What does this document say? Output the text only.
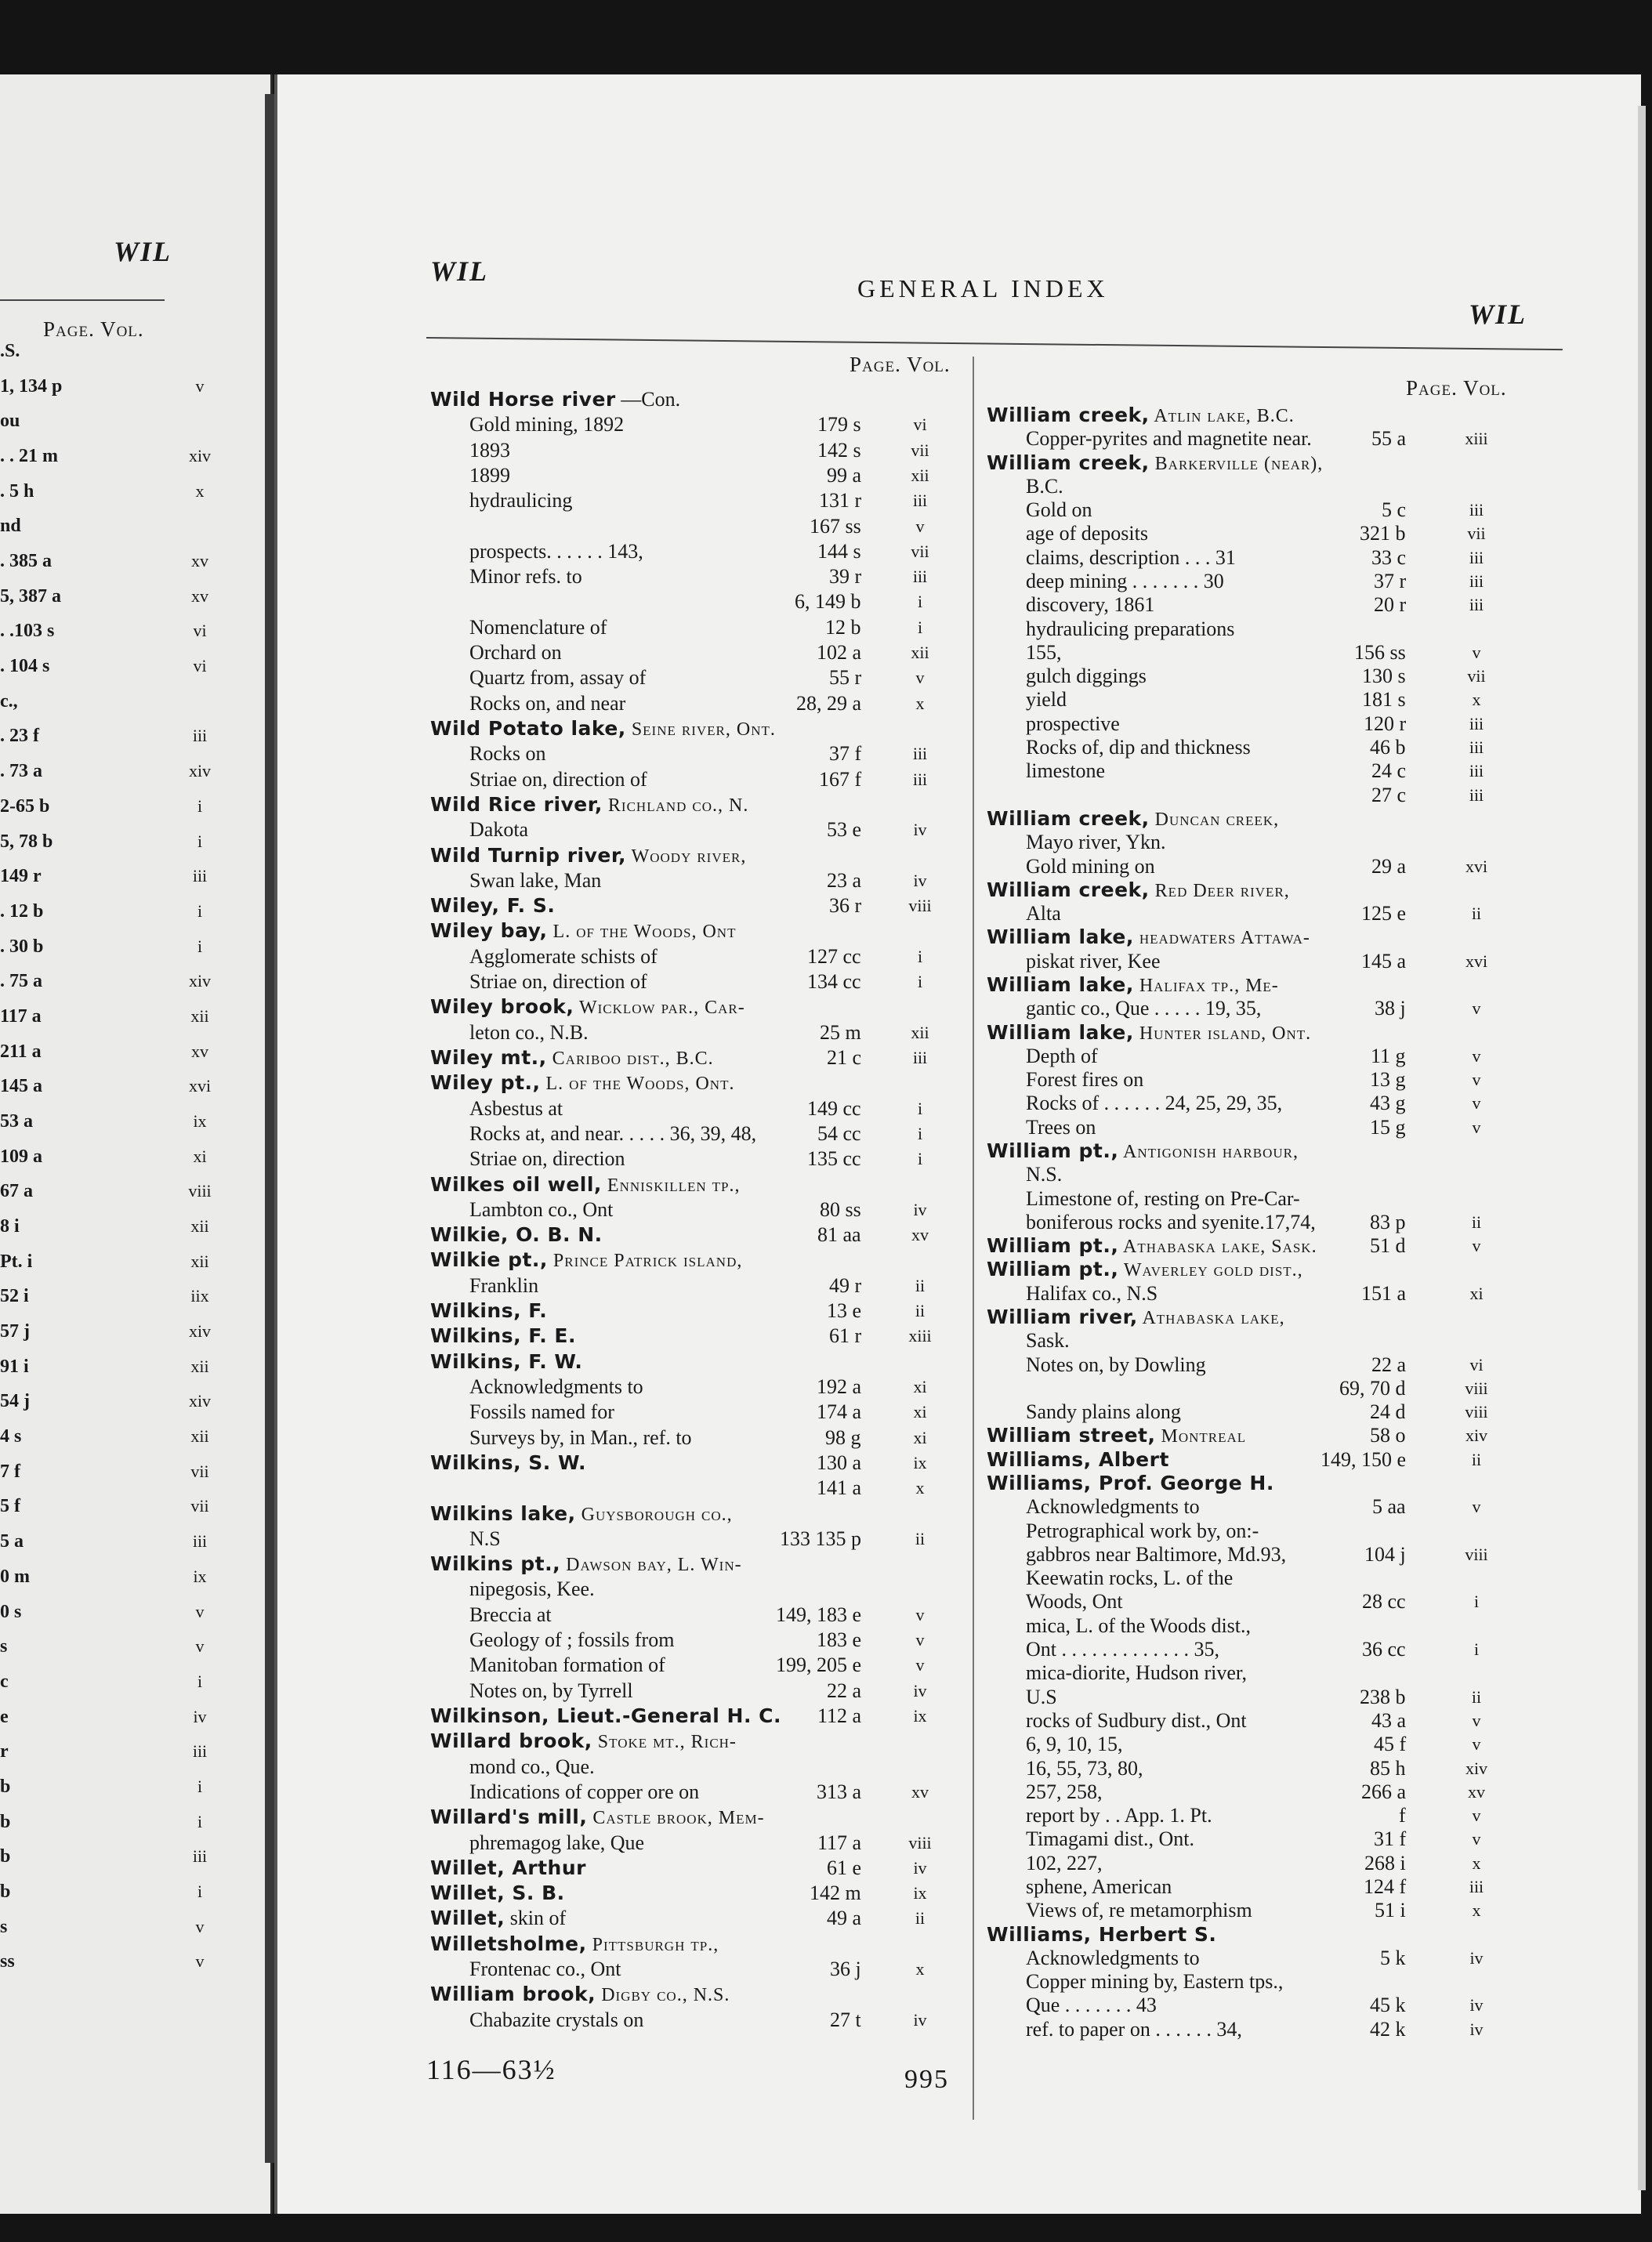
WIL
Page. Vol.
.S.
1, 134 p	v
ou
. . 21 m	xiv
. 5 h	x
nd
. 385 a	xv
5, 387 a	xv
. .103 s	vi
. 104 s	vi
c.,
. 23 f	iii
. 73 a	xiv
2-65 b	i
5, 78 b	i
149 r	iii
. 12 b	i
. 30 b	i
. 75 a	xiv
117 a	xii
211 a	xv
145 a	xvi
53 a	ix
109 a	xi
67 a	viii
8 i	xii
Pt. i	xii
52 i	iix
57 j	xiv
91 i	xii
54 j	xiv
4 s	xii
7 f	vii
5 f	vii
5 a	iii
0 m	ix
0 s	v
s	v
c	i
e	iv
r	iii
b	i
b	i
b	iii
b	i
s	v
ss	v
WIL
GENERAL INDEX
WIL
Page. Vol.
Page. Vol.
Wild Horse river —Con.
Gold mining, 1892	179 s	vi
1893	142 s	vii
1899	99 a	xii
hydraulicing	131 r	iii
167 ss	v
prospects. . . . . . 143,	144 s	vii
Minor refs. to	39 r	iii
6, 149 b	i
Nomenclature of	12 b	i
Orchard on	102 a	xii
Quartz from, assay of	55 r	v
Rocks on, and near	28, 29 a	x
Wild Potato lake, Seine river, Ont.
Rocks on	37 f	iii
Striae on, direction of	167 f	iii
Wild Rice river, Richland co., N.
Dakota	53 e	iv
Wild Turnip river, Woody river,
Swan lake, Man	23 a	iv
Wiley, F. S.	36 r	viii
Wiley bay, L. of the Woods, Ont
Agglomerate schists of	127 cc	i
Striae on, direction of	134 cc	i
Wiley brook, Wicklow par., Car-
leton co., N.B.	25 m	xii
Wiley mt., Cariboo dist., B.C.	21 c	iii
Wiley pt., L. of the Woods, Ont.
Asbestus at	149 cc	i
Rocks at, and near. . . . . 36, 39, 48,	54 cc	i
Striae on, direction	135 cc	i
Wilkes oil well, Enniskillen tp.,
Lambton co., Ont	80 ss	iv
Wilkie, O. B. N.	81 aa	xv
Wilkie pt., Prince Patrick island,
Franklin	49 r	ii
Wilkins, F.	13 e	ii
Wilkins, F. E.	61 r	xiii
Wilkins, F. W.
Acknowledgments to	192 a	xi
Fossils named for	174 a	xi
Surveys by, in Man., ref. to	98 g	xi
Wilkins, S. W.	130 a	ix
141 a	x
Wilkins lake, Guysborough co.,
N.S	133 135 p	ii
Wilkins pt., Dawson bay, L. Win-
nipegosis, Kee.
Breccia at	149, 183 e	v
Geology of ; fossils from	183 e	v
Manitoban formation of	199, 205 e	v
Notes on, by Tyrrell	22 a	iv
Wilkinson, Lieut.-General H. C. 112 a	ix
Willard brook, Stoke mt., Rich-
mond co., Que.
Indications of copper ore on	313 a	xv
Willard's mill, Castle brook, Mem-
phremagog lake, Que	117 a	viii
Willet, Arthur	61 e	iv
Willet, S. B.	142 m	ix
Willet, skin of	49 a	ii
Willetsholme, Pittsburgh tp.,
Frontenac co., Ont	36 j	x
William brook, Digby co., N.S.
Chabazite crystals on	27 t	iv
William creek, Atlin lake, B.C.
Copper-pyrites and magnetite near.	55 a	xiii
William creek, Barkerville (near),
B.C.
Gold on	5 c	iii
age of deposits	321 b	vii
claims, description . . . 31	33 c	iii
deep mining . . . . . . . 30	37 r	iii
discovery, 1861	20 r	iii
hydraulicing preparations
155,	156 ss	v
gulch diggings	130 s	vii
yield	181 s	x
prospective	120 r	iii
Rocks of, dip and thickness	46 b	iii
limestone	24 c	iii
27 c	iii
William creek, Duncan creek,
Mayo river, Ykn.
Gold mining on	29 a	xvi
William creek, Red Deer river,
Alta	125 e	ii
William lake, headwaters Attawa-
piskat river, Kee	145 a	xvi
William lake, Halifax tp., Me-
gantic co., Que . . . . . 19, 35,	38 j	v
William lake, Hunter island, Ont.
Depth of	11 g	v
Forest fires on	13 g	v
Rocks of . . . . . . 24, 25, 29, 35,	43 g	v
Trees on	15 g	v
William pt., Antigonish harbour,
N.S.
Limestone of, resting on Pre-Car-
boniferous rocks and syenite.17,74,	83 p	ii
William pt., Athabaska lake, Sask.	51 d	v
William pt., Waverley gold dist.,
Halifax co., N.S	151 a	xi
William river, Athabaska lake,
Sask.
Notes on, by Dowling	22 a	vi
69, 70 d	viii
Sandy plains along	24 d	viii
William street, Montreal	58 o	xiv
Williams, Albert	149, 150 e	ii
Williams, Prof. George H.
Acknowledgments to	5 aa	v
Petrographical work by, on:-
gabbros near Baltimore, Md.93,	104 j	viii
Keewatin rocks, L. of the
Woods, Ont	28 cc	i
mica, L. of the Woods dist.,
Ont . . . . . . . . . . . . . 35,	36 cc	i
mica-diorite, Hudson river,
U.S	238 b	ii
rocks of Sudbury dist., Ont	43 a	v
6, 9, 10, 15,	45 f	v
16, 55, 73, 80,	85 h	xiv
257, 258,	266 a	xv
report by . . App. 1. Pt.	f	v
Timagami dist., Ont.	31 f	v
102, 227,	268 i	x
sphene, American	124 f	iii
Views of, re metamorphism	51 i	x
Williams, Herbert S.
Acknowledgments to	5 k	iv
Copper mining by, Eastern tps.,
Que . . . . . . . 43	45 k	iv
ref. to paper on . . . . . . 34,	42 k	iv
116—63½	995
